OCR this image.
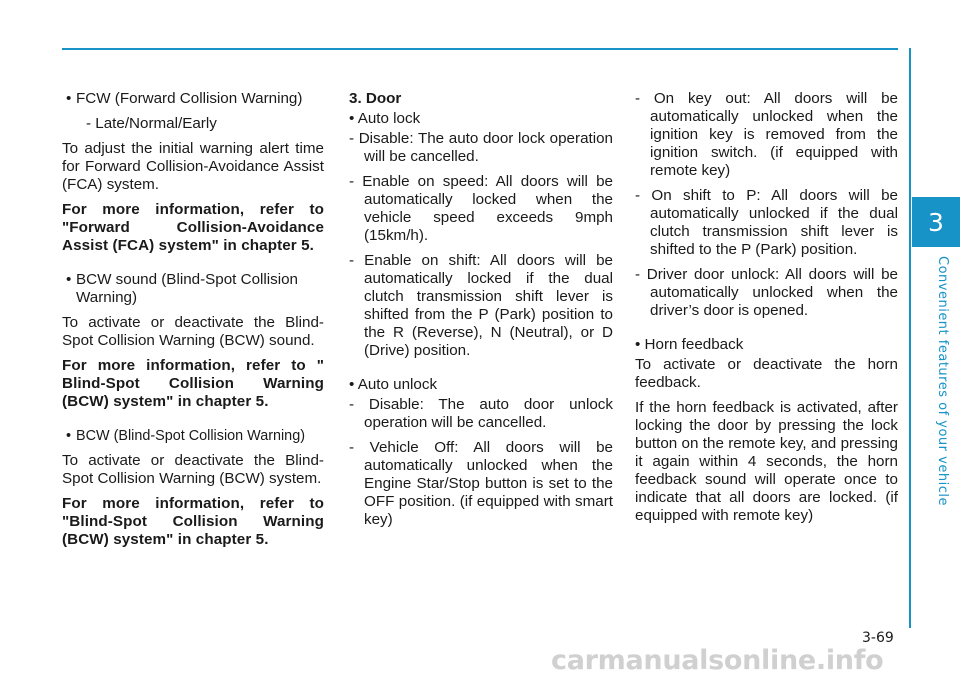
3
Convenient features of your vehicle
• FCW (Forward Collision Warning)
- Late/Normal/Early
To adjust the initial warning alert time for Forward Collision-Avoidance Assist (FCA) system.
For more information, refer to "Forward Collision-Avoidance Assist (FCA) system" in chapter 5.
• BCW sound (Blind-Spot Collision Warning)
To activate or deactivate the Blind-Spot Collision Warning (BCW) sound.
For more information, refer to " Blind-Spot Collision Warning (BCW) system" in chapter 5.
• BCW (Blind-Spot Collision Warning)
To activate or deactivate the Blind-Spot Collision Warning (BCW) system.
For more information, refer to "Blind-Spot Collision Warning (BCW) system" in chapter 5.
3. Door
• Auto lock
- Disable: The auto door lock operation will be cancelled.
- Enable on speed: All doors will be automatically locked when the vehicle speed exceeds 9mph (15km/h).
- Enable on shift: All doors will be automatically locked if the dual clutch transmission shift lever is shifted from the P (Park) position to the R (Reverse), N (Neutral), or D (Drive) position.
• Auto unlock
- Disable: The auto door unlock operation will be cancelled.
- Vehicle Off: All doors will be automatically unlocked when the Engine Star/Stop button is set to the OFF position. (if equipped with smart key)
- On key out: All doors will be automatically unlocked when the ignition key is removed from the ignition switch. (if equipped with remote key)
- On shift to P: All doors will be automatically unlocked if the dual clutch transmission shift lever is shifted to the P (Park) position.
- Driver door unlock: All doors will be automatically unlocked when the driver’s door is opened.
• Horn feedback
To activate or deactivate the horn feedback.
If the horn feedback is activated, after locking the door by pressing the lock button on the remote key, and pressing it again within 4 seconds, the horn feedback sound will operate once to indicate that all doors are locked. (if equipped with remote key)
3-69
carmanualsonline.info
